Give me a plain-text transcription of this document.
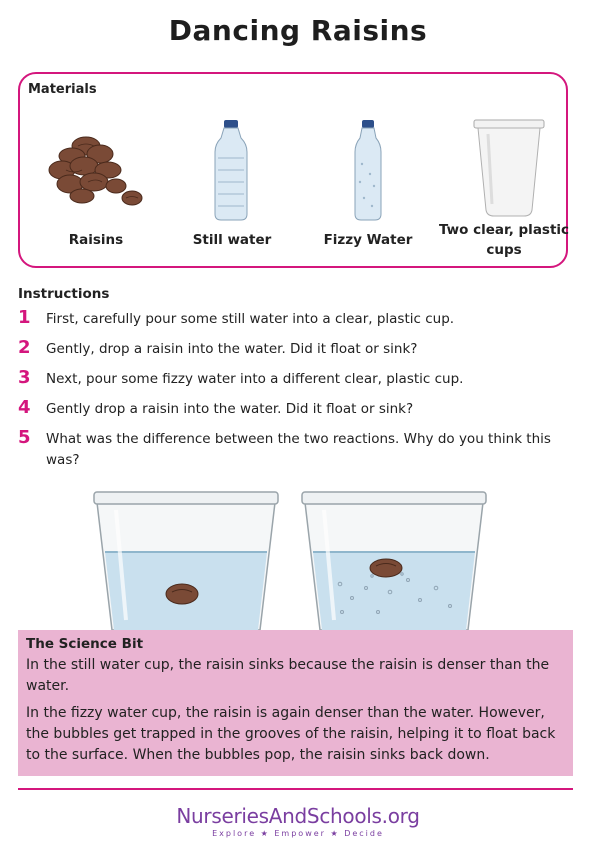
Dancing Raisins
Materials
Raisins	Still water	Fizzy Water
Two clear, plastic cups
Instructions
1 First, carefully pour some still water into a clear, plastic cup.
2 Gently, drop a raisin into the water. Did it float or sink?
3 Next, pour some fizzy water into a different clear, plastic cup.
4 Gently drop a raisin into the water. Did it float or sink?
5 What was the difference between the two reactions. Why do you think this was?

The Science Bit

In the still water cup, the raisin sinks because the raisin is denser than the water.

In the fizzy water cup, the raisin is again denser than the water. However, the bubbles get trapped in the grooves of the raisin, helping it to float back to the surface. When the bubbles pop, the raisin sinks back down.

NurseriesAndSchools.org
Explore ★ Empower ★ Decide
